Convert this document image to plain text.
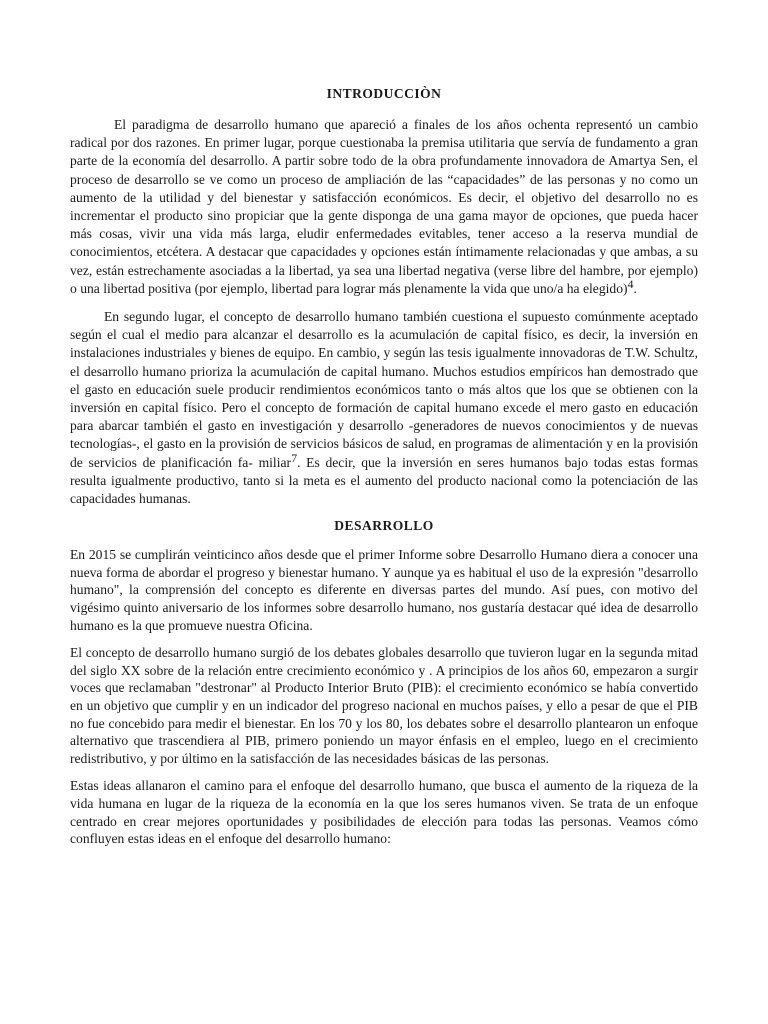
INTRODUCCIÒN

El paradigma de desarrollo humano que apareció a finales de los años ochenta representó un cambio radical por dos razones. En primer lugar, porque cuestionaba la premisa utilitaria que servía de fundamento a gran parte de la economía del desarrollo. A partir sobre todo de la obra profundamente innovadora de Amartya Sen, el proceso de desarrollo se ve como un proceso de ampliación de las “capacidades” de las personas y no como un aumento de la utilidad y del bienestar y satisfacción económicos. Es decir, el objetivo del desarrollo no es incrementar el producto sino propiciar que la gente disponga de una gama mayor de opciones, que pueda hacer más cosas, vivir una vida más larga, eludir enfermedades evitables, tener acceso a la reserva mundial de conocimientos, etcétera. A destacar que capacidades y opciones están íntimamente relacionadas y que ambas, a su vez, están estrechamente asociadas a la libertad, ya sea una libertad negativa (verse libre del hambre, por ejemplo) o una libertad positiva (por ejemplo, libertad para lograr más plenamente la vida que uno/a ha elegido)$^4$.

En segundo lugar, el concepto de desarrollo humano también cuestiona el supuesto comúnmente aceptado según el cual el medio para alcanzar el desarrollo es la acumulación de capital físico, es decir, la inversión en instalaciones industriales y bienes de equipo. En cambio, y según las tesis igualmente innovadoras de T.W. Schultz, el desarrollo humano prioriza la acumulación de capital humano. Muchos estudios empíricos han demostrado que el gasto en educación suele producir rendimientos económicos tanto o más altos que los que se obtienen con la inversión en capital físico. Pero el concepto de formación de capital humano excede el mero gasto en educación para abarcar también el gasto en investigación y desarrollo -generadores de nuevos conocimientos y de nuevas tecnologías-, el gasto en la provisión de servicios básicos de salud, en programas de alimentación y en la provisión de servicios de planificación fa- miliar$^7$. Es decir, que la inversión en seres humanos bajo todas estas formas resulta igualmente productivo, tanto si la meta es el aumento del producto nacional como la potenciación de las capacidades humanas.

DESARROLLO

En 2015 se cumplirán veinticinco años desde que el primer Informe sobre Desarrollo Humano diera a conocer una nueva forma de abordar el progreso y bienestar humano. Y aunque ya es habitual el uso de la expresión "desarrollo humano", la comprensión del concepto es diferente en diversas partes del mundo. Así pues, con motivo del vigésimo quinto aniversario de los informes sobre desarrollo humano, nos gustaría destacar qué idea de desarrollo humano es la que promueve nuestra Oficina.

El concepto de desarrollo humano surgió de los debates globales desarrollo que tuvieron lugar en la segunda mitad del siglo XX sobre de la relación entre crecimiento económico y . A principios de los años 60, empezaron a surgir voces que reclamaban "destronar" al Producto Interior Bruto (PIB): el crecimiento económico se había convertido en un objetivo que cumplir y en un indicador del progreso nacional en muchos países, y ello a pesar de que el PIB no fue concebido para medir el bienestar. En los 70 y los 80, los debates sobre el desarrollo plantearon un enfoque alternativo que trascendiera al PIB, primero poniendo un mayor énfasis en el empleo, luego en el crecimiento redistributivo, y por último en la satisfacción de las necesidades básicas de las personas.

Estas ideas allanaron el camino para el enfoque del desarrollo humano, que busca el aumento de la riqueza de la vida humana en lugar de la riqueza de la economía en la que los seres humanos viven. Se trata de un enfoque centrado en crear mejores oportunidades y posibilidades de elección para todas las personas. Veamos cómo confluyen estas ideas en el enfoque del desarrollo humano:
